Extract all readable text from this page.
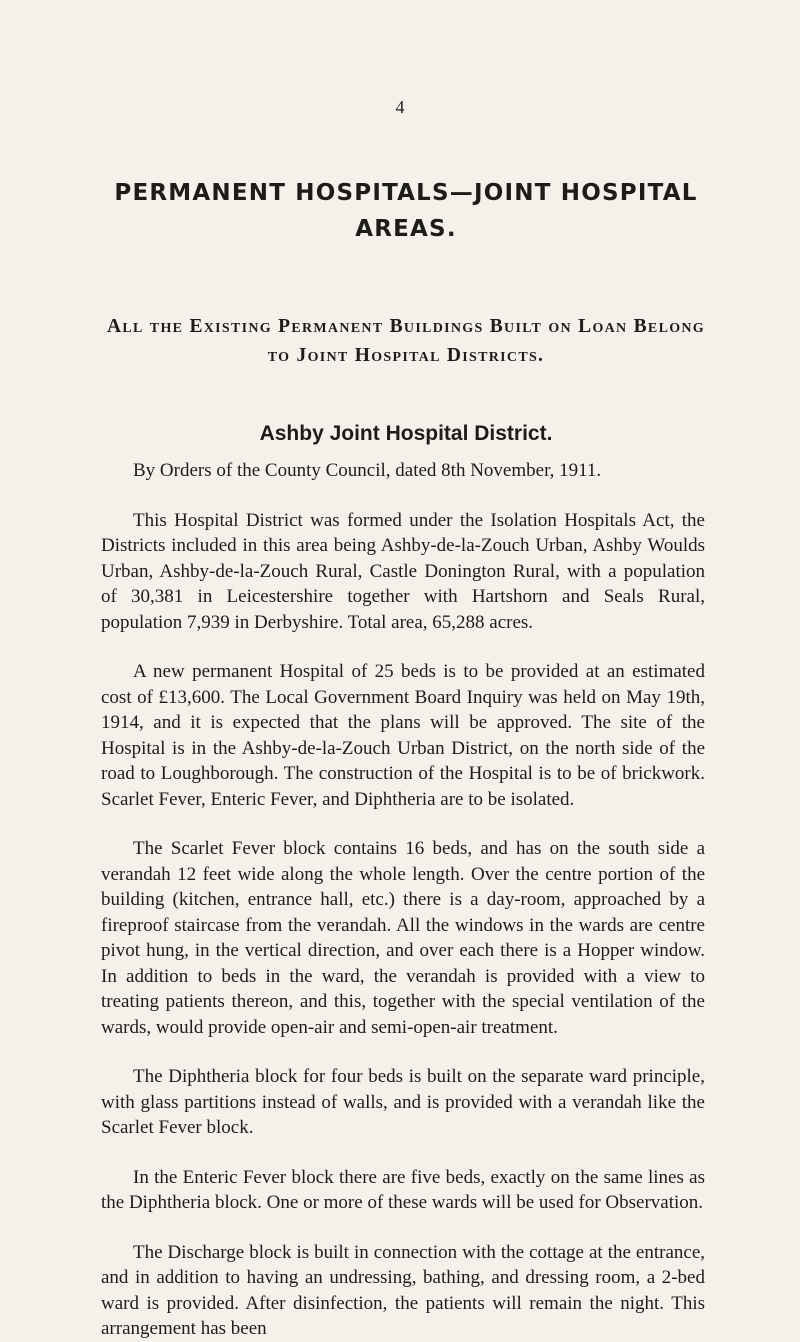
4
PERMANENT HOSPITALS—JOINT HOSPITAL AREAS.
All the Existing Permanent Buildings Built on Loan Belong to Joint Hospital Districts.
Ashby Joint Hospital District.

By Orders of the County Council, dated 8th November, 1911.

This Hospital District was formed under the Isolation Hospitals Act, the Districts included in this area being Ashby-de-la-Zouch Urban, Ashby Woulds Urban, Ashby-de-la-Zouch Rural, Castle Donington Rural, with a population of 30,381 in Leicestershire together with Hartshorn and Seals Rural, population 7,939 in Derbyshire. Total area, 65,288 acres.

A new permanent Hospital of 25 beds is to be provided at an estimated cost of £13,600. The Local Government Board Inquiry was held on May 19th, 1914, and it is expected that the plans will be approved. The site of the Hospital is in the Ashby-de-la-Zouch Urban District, on the north side of the road to Loughborough. The construction of the Hospital is to be of brickwork. Scarlet Fever, Enteric Fever, and Diphtheria are to be isolated.

The Scarlet Fever block contains 16 beds, and has on the south side a verandah 12 feet wide along the whole length. Over the centre portion of the building (kitchen, entrance hall, etc.) there is a day-room, approached by a fireproof staircase from the verandah. All the windows in the wards are centre pivot hung, in the vertical direction, and over each there is a Hopper window. In addition to beds in the ward, the verandah is provided with a view to treating patients thereon, and this, together with the special ventilation of the wards, would provide open-air and semi-open-air treatment.

The Diphtheria block for four beds is built on the separate ward principle, with glass partitions instead of walls, and is provided with a verandah like the Scarlet Fever block.

In the Enteric Fever block there are five beds, exactly on the same lines as the Diphtheria block. One or more of these wards will be used for Observation.

The Discharge block is built in connection with the cottage at the entrance, and in addition to having an undressing, bathing, and dressing room, a 2-bed ward is provided. After disinfection, the patients will remain the night. This arrangement has been
